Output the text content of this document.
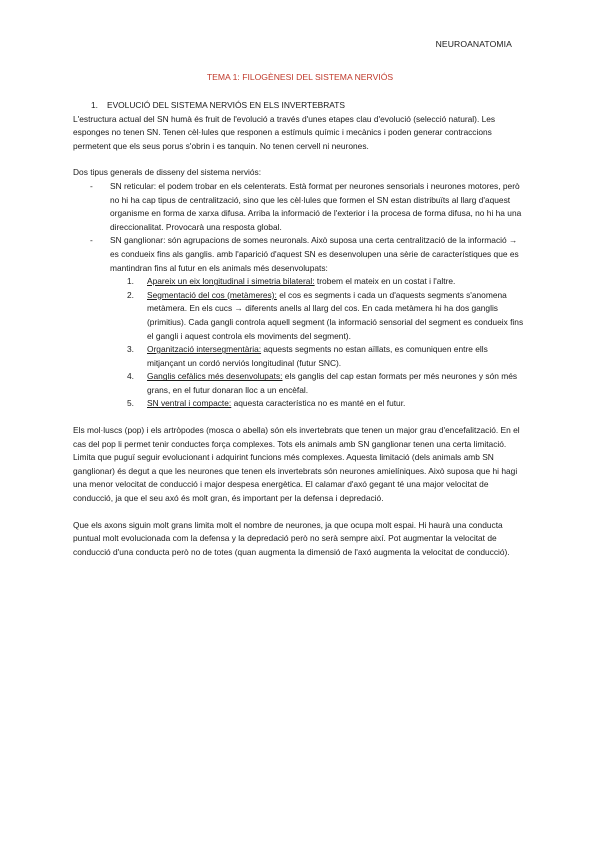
NEUROANATOMIA
TEMA 1: FILOGÈNESI DEL SISTEMA NERVIÓS
1. EVOLUCIÓ DEL SISTEMA NERVIÓS EN ELS INVERTEBRATS

L'estructura actual del SN humà és fruit de l'evolució a través d'unes etapes clau d'evolució (selecció natural). Les esponges no tenen SN. Tenen cèl·lules que responen a estímuls químic i mecànics i poden generar contraccions permetent que els seus porus s'obrin i es tanquin. No tenen cervell ni neurones.

Dos tipus generals de disseny del sistema nerviós:

- SN reticular: el podem trobar en els celenterats. Està format per neurones sensorials i neurones motores, però no hi ha cap tipus de centralització, sino que les cèl·lules que formen el SN estan distribuïts al llarg d'aquest organisme en forma de xarxa difusa. Arriba la informació de l'exterior i la procesa de forma difusa, no hi ha una direccionalitat. Provocarà una resposta global.
- SN ganglionar: són agrupacions de somes neuronals. Això suposa una certa centralització de la informació → es condueix fins als ganglis. amb l'aparició d'aquest SN es desenvolupen una sèrie de característiques que es mantindran fins al futur en els animals més desenvolupats:
1. Apareix un eix longitudinal i simetria bilateral: trobem el mateix en un costat i l'altre.
2. Segmentació del cos (metàmeres): el cos es segments i cada un d'aquests segments s'anomena metàmera. En els cucs → diferents anells al llarg del cos. En cada metàmera hi ha dos ganglis (primitius). Cada gangli controla aquell segment (la informació sensorial del segment es condueix fins el gangli i aquest controla els moviments del segment).
3. Organització intersegmentària: aquests segments no estan aïllats, es comuniquen entre ells mitjançant un cordó nerviós longitudinal (futur SNC).
4. Ganglis cefàlics més desenvolupats: els ganglis del cap estan formats per més neurones y són més grans, en el futur donaran lloc a un encèfal.
5. SN ventral i compacte: aquesta característica no es manté en el futur.

Els mol·luscs (pop) i els artròpodes (mosca o abella) són els invertebrats que tenen un major grau d'encefalització. En el cas del pop li permet tenir conductes força complexes. Tots els animals amb SN ganglionar tenen una certa limitació. Limita que puguï seguir evolucionant i adquirint funcions més complexes. Aquesta limitació (dels animals amb SN ganglionar) és degut a que les neurones que tenen els invertebrats són neurones amielíniques. Això suposa que hi hagi una menor velocitat de conducció i major despesa energètica. El calamar d'axó gegant té una major velocitat de conducció, ja que el seu axó és molt gran, és important per la defensa i depredació.

Que els axons siguin molt grans limita molt el nombre de neurones, ja que ocupa molt espai. Hi haurà una conducta puntual molt evolucionada com la defensa y la depredació però no serà sempre així. Pot augmentar la velocitat de conducció d'una conducta però no de totes (quan augmenta la dimensió de l'axó augmenta la velocitat de conducció).
